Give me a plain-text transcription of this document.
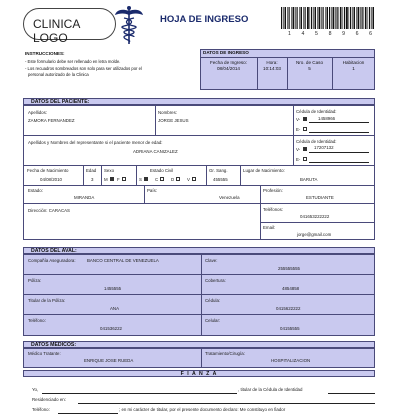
CLINICA LOGO
HOJA DE INGRESO
1 4 5 8 9 6 6
INSTRUCCIONES:
- Este formulario debe ser rellenado en letra molde.
- Los recuadros sombreados son solo para ser utilizados por el
personal autorizado de la Clinica
DATOS DE INGRESO
Fecha de Ingreso:
08/04/2014
Hora:
10:14:03
Nro. de Caso
5
Habitacion
1
DATOS DEL PACIENTE:
Apellidos:
ZAMORA FERNANDEZ
Nombres:
JORGE JESUS
Cédula de Identidad:
V-	1458966
E-
Apellidos y Nombres del representante si el paciente menor de edad:
ADRIANA CANIZALEZ
Cédula de Identidad:
V-	17207132
E-
Fecha de Nacimiento
04/08/2010
Edad
3
Sexo
M F
Estado Civil
S	C	D	V
Gr. Sang.
455555
Lugar de Nacimiento:
BARUTA
Estado:
MIRANDA
País:
Venezuela
Profesión:
ESTUDIANTE
Dirección: CARACAS	Teléfonos:
041653222222
Email:
jorge@gmail.com
DATOS DEL AVAL:
Compañía Aseguradora:	BANCO CENTRAL DE VENEZUELA	Clave:
255555555
Póliza:
1455555
Cobertura:
4854858
Titular de la Póliza:
ANA
Cédula:
0415622222
Teléfono:
041536222
Celular:
04155555
DATOS MEDICOS:
Médico Tratante:
ENRIQUE JOSE RUEDA
Tratamiento/Cirugía:
HOSPITALIZACION
F I A N Z A
Yo,	, titular de la Cédula de Identidad
Residenciado en:
Teléfono:	; en mi carácter de titular, por el presente documento declaro: Me constituyo en fiador
